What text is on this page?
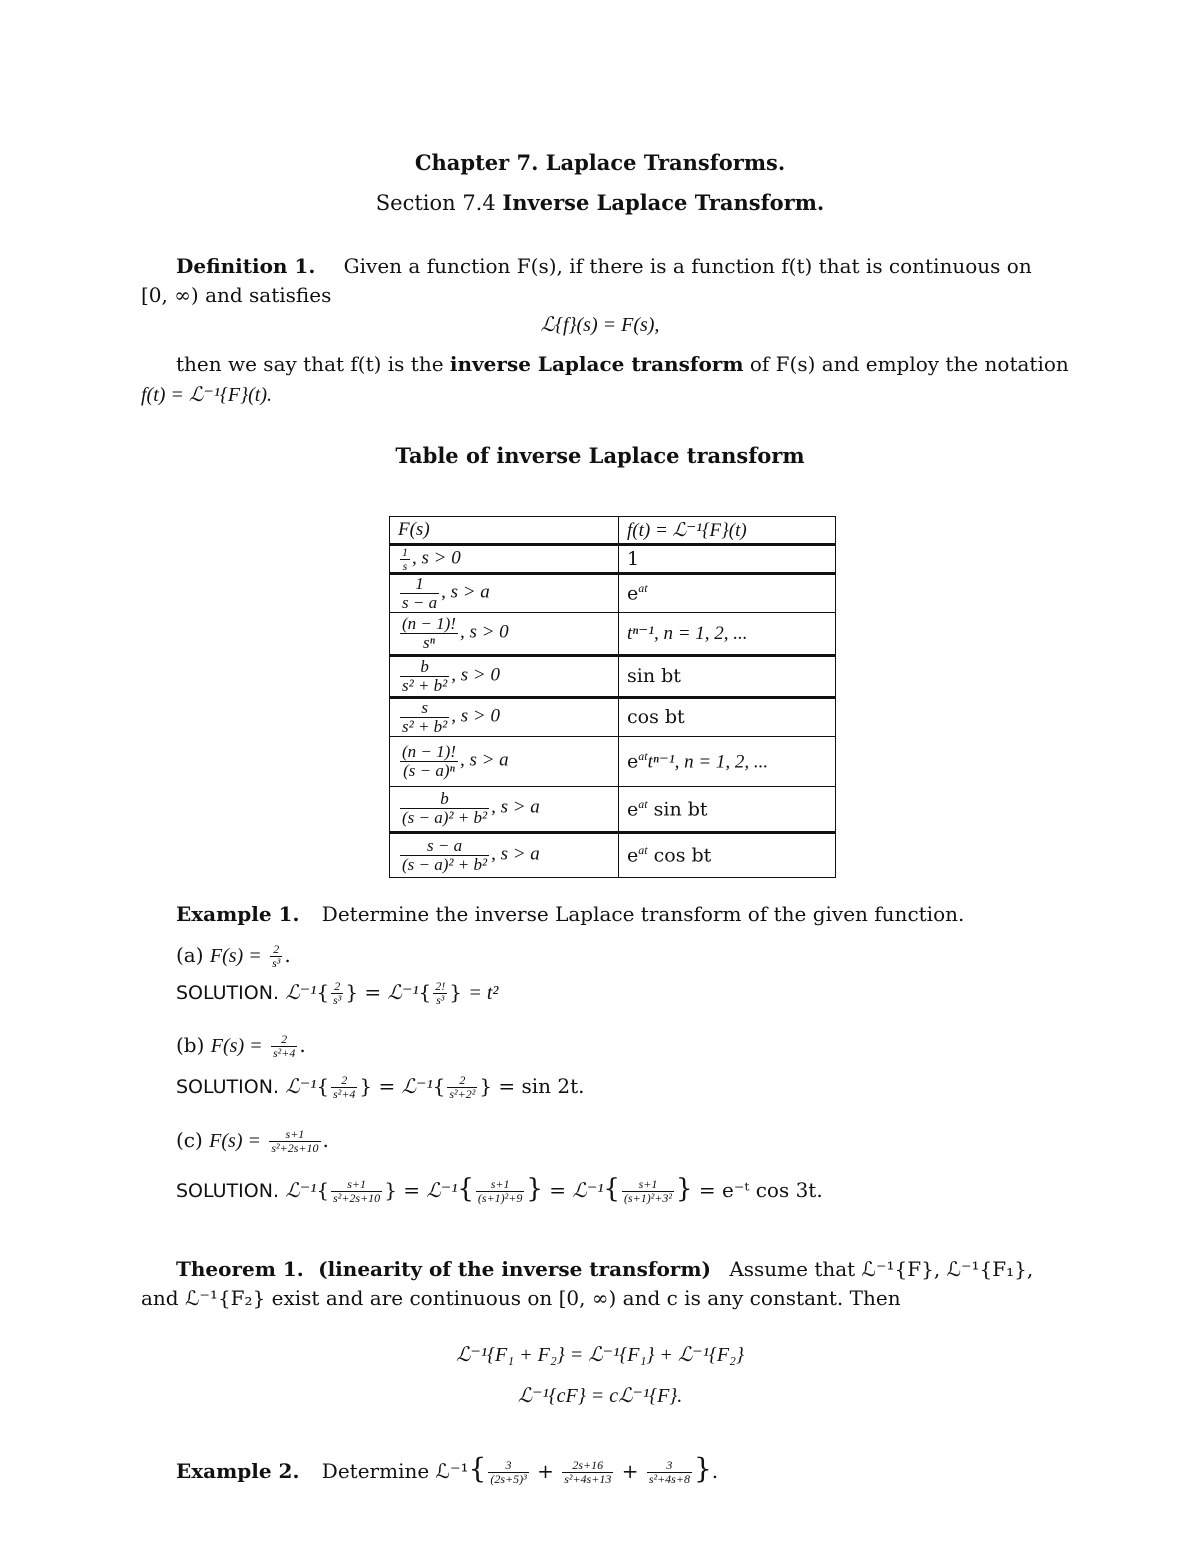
Chapter 7. Laplace Transforms.
Section 7.4 Inverse Laplace Transform.
Definition 1. Given a function F(s), if there is a function f(t) that is continuous on
[0, ∞) and satisfies
ℒ{f}(s) = F(s),
then we say that f(t) is the inverse Laplace transform of F(s) and employ the notation
f(t) = ℒ⁻¹{F}(t).
Table of inverse Laplace transform
F(s)	f(t) = ℒ⁻¹{F}(t)

$\frac{1}{s}$ , s > 0	1

$\frac{1}{s - a}$ , s > a	$e^{at}$

$\frac{(n - 1)!}{\text{sⁿ}}$ , s > 0	tⁿ⁻¹, n = 1, 2, ...

$\frac{b}{\text{s² + b²}}$ , s > 0	sin bt

$\frac{s}{\text{s² + b²}}$ , s > 0	cos bt

$\frac{(n - 1)!}{\text{(s − a)ⁿ}}$ , s > a	$e^{at}t^{n-1}$, n = 1, 2, ...

$\frac{b}{\text{(s − a)² + b²}}$ , s > a	$e^{at}$ sin bt

$\frac{s - a}{\text{(s − a)² + b²}}$ , s > a	$e^{at}$ cos bt
Example 1. Determine the inverse Laplace transform of the given function.
(a) $F(s) = \frac{2}{\text{s³}}$ .
SOLUTION. ℒ⁻¹{ $\frac{2}{\text{s³}}$ } = ℒ⁻¹{ $\frac{2!}{\text{s³}}$ } = t²
(b) $F(s) = \frac{2}{\text{s²+4}}$ .
SOLUTION. ℒ⁻¹{ $\frac{2}{\text{s²+4}}$ } = ℒ⁻¹{ $\frac{2}{\text{s²+2²}}$ } = sin 2t.
(c) $F(s) = \frac{s+1}{\text{s²+2s+10}}$ .
SOLUTION. ℒ⁻¹{ $\frac{s+1}{\text{s²+2s+10}}$ } = ℒ⁻¹{ $\frac{s+1}{\text{(s+1)²+9}}$ } = ℒ⁻¹{ $\frac{s+1}{\text{(s+1)²+3²}}$ } = e⁻ᵗ cos 3t.
Theorem 1. (linearity of the inverse transform) Assume that ℒ⁻¹{F}, ℒ⁻¹{F₁},
and ℒ⁻¹{F₂} exist and are continuous on [0, ∞) and c is any constant. Then
ℒ⁻¹{F₁ + F₂} = ℒ⁻¹{F₁} + ℒ⁻¹{F₂}
ℒ⁻¹{cF} = cℒ⁻¹{F}.
Example 2. Determine ℒ⁻¹{ $\frac{3}{\text{(2s+5)³}} + \frac{2s+16}{\text{s²+4s+13}} + \frac{3}{\text{s²+4s+8}}$ }.
